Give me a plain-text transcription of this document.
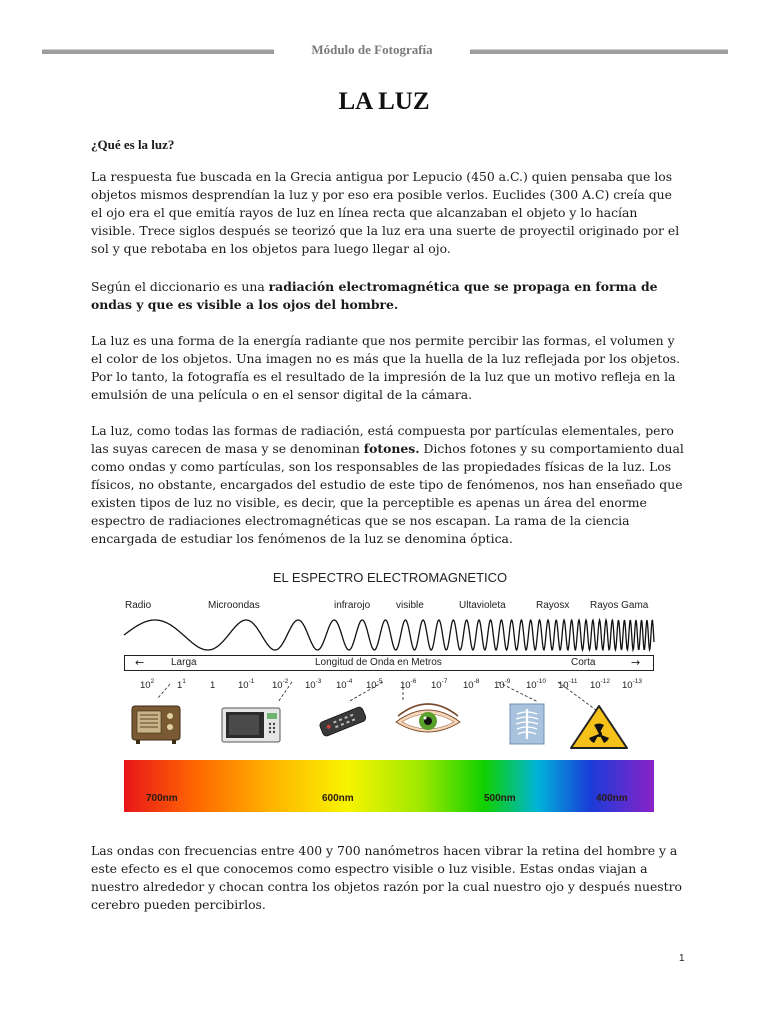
Módulo de Fotografía
LA LUZ
¿Qué es la luz?

La respuesta fue buscada en la Grecia antigua por Lepucio (450 a.C.) quien pensaba que los objetos mismos desprendían la luz y por eso era posible verlos. Euclides (300 A.C) creía que el ojo era el que emitía rayos de luz en línea recta que alcanzaban el objeto y lo hacían visible. Trece siglos después se teorizó que la luz era una suerte de proyectil originado por el sol y que rebotaba en los objetos para luego llegar al ojo.

Según el diccionario es una radiación electromagnética que se propaga en forma de ondas y que es visible a los ojos del hombre.

La luz es una forma de la energía radiante que nos permite percibir las formas, el volumen y el color de los objetos. Una imagen no es más que la huella de la luz reflejada por los objetos. Por lo tanto, la fotografía es el resultado de la impresión de la luz que un motivo refleja en la emulsión de una película o en el sensor digital de la cámara.

La luz, como todas las formas de radiación, está compuesta por partículas elementales, pero las suyas carecen de masa y se denominan fotones. Dichos fotones y su comportamiento dual como ondas y como partículas, son los responsables de las propiedades físicas de la luz. Los físicos, no obstante, encargados del estudio de este tipo de fenómenos, nos han enseñado que existen tipos de luz no visible, es decir, que la perceptible es apenas un área del enorme espectro de radiaciones electromagnéticas que se nos escapan. La rama de la ciencia encargada de estudiar los fenómenos de la luz se denomina óptica.

EL ESPECTRO ELECTROMAGNETICO
Radio	Microondas	infrarojo	visible	Ultavioleta	Rayosx Rayos Gama
←	Larga	Longitud de Onda en Metros	Corta	→
$10^2$ $1^1$	1 $10^{-1}$ $10^{-2}$ $10^{-3}$ $10^{-4}$ $10^{-5}$ $10^{-6}$ $10^{-7}$ $10^{-8}$ $10^{-9}$ $10^{-10}$ $10^{-11}$ $10^{-12}$ $10^{-13}$
700nm	600nm	500nm	400nm

Las ondas con frecuencias entre 400 y 700 nanómetros hacen vibrar la retina del hombre y a este efecto es el que conocemos como espectro visible o luz visible. Estas ondas viajan a nuestro alrededor y chocan contra los objetos razón por la cual nuestro ojo y después nuestro cerebro pueden percibirlos.

1
